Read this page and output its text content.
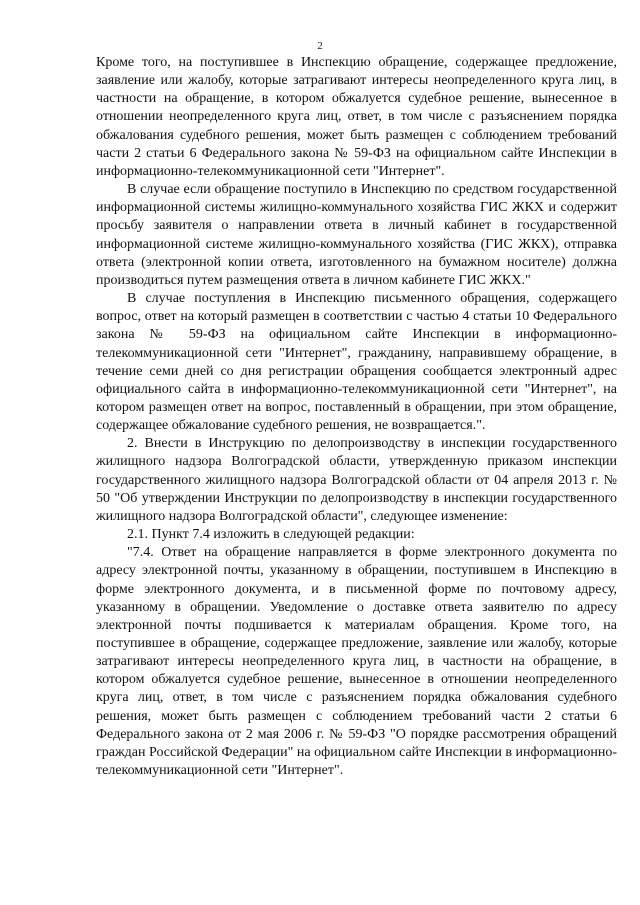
2

Кроме того, на поступившее в Инспекцию обращение, содержащее предложение, заявление или жалобу, которые затрагивают интересы неопределенного круга лиц, в частности на обращение, в котором обжалуется судебное решение, вынесенное в отношении неопределенного круга лиц, ответ, в том числе с разъяснением порядка обжалования судебного решения, может быть размещен с соблюдением требований части 2 статьи 6 Федерального закона № 59-ФЗ на официальном сайте Инспекции в информационно-телекоммуникационной сети "Интернет".

В случае если обращение поступило в Инспекцию по средством государственной информационной системы жилищно-коммунального хозяйства ГИС ЖКХ и содержит просьбу заявителя о направлении ответа в личный кабинет в государственной информационной системе жилищно-коммунального хозяйства (ГИС ЖКХ), отправка ответа (электронной копии ответа, изготовленного на бумажном носителе) должна производиться путем размещения ответа в личном кабинете ГИС ЖКХ."

В случае поступления в Инспекцию письменного обращения, содержащего вопрос, ответ на который размещен в соответствии с частью 4 статьи 10 Федерального закона № 59-ФЗ на официальном сайте Инспекции в информационно-телекоммуникационной сети "Интернет", гражданину, направившему обращение, в течение семи дней со дня регистрации обращения сообщается электронный адрес официального сайта в информационно-телекоммуникационной сети "Интернет", на котором размещен ответ на вопрос, поставленный в обращении, при этом обращение, содержащее обжалование судебного решения, не возвращается.".

2. Внести в Инструкцию по делопроизводству в инспекции государственного жилищного надзора Волгоградской области, утвержденную приказом инспекции государственного жилищного надзора Волгоградской области от 04 апреля 2013 г. № 50 "Об утверждении Инструкции по делопроизводству в инспекции государственного жилищного надзора Волгоградской области", следующее изменение:

2.1. Пункт 7.4 изложить в следующей редакции:

"7.4. Ответ на обращение направляется в форме электронного документа по адресу электронной почты, указанному в обращении, поступившем в Инспекцию в форме электронного документа, и в письменной форме по почтовому адресу, указанному в обращении. Уведомление о доставке ответа заявителю по адресу электронной почты подшивается к материалам обращения. Кроме того, на поступившее в обращение, содержащее предложение, заявление или жалобу, которые затрагивают интересы неопределенного круга лиц, в частности на обращение, в котором обжалуется судебное решение, вынесенное в отношении неопределенного круга лиц, ответ, в том числе с разъяснением порядка обжалования судебного решения, может быть размещен с соблюдением требований части 2 статьи 6 Федерального закона от 2 мая 2006 г. № 59-ФЗ "О порядке рассмотрения обращений граждан Российской Федерации" на официальном сайте Инспекции в информационно-телекоммуникационной сети "Интернет".
